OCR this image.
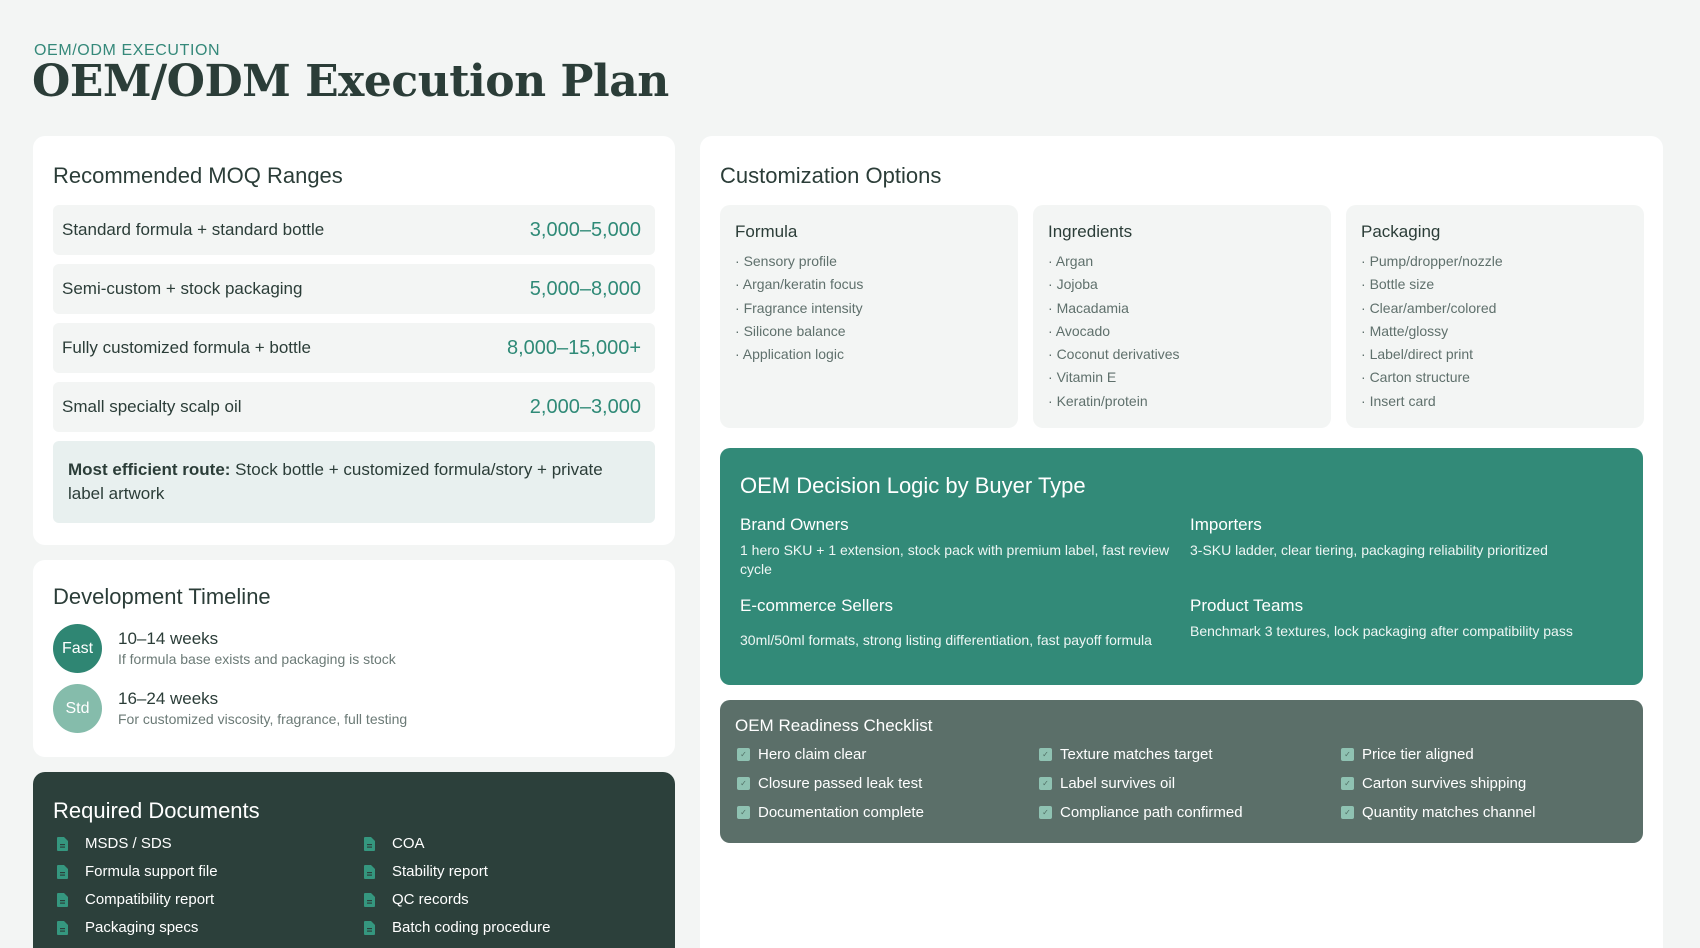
OEM/ODM EXECUTION
OEM/ODM Execution Plan
Recommended MOQ Ranges
Standard formula + standard bottle	3,000–5,000
Semi-custom + stock packaging	5,000–8,000
Fully customized formula + bottle	8,000–15,000+
Small specialty scalp oil	2,000–3,000
Most efficient route: Stock bottle + customized formula/story + private label artwork
Development Timeline
Fast
10–14 weeks
If formula base exists and packaging is stock
Std
16–24 weeks
For customized viscosity, fragrance, full testing
Required Documents
MSDS / SDS	COA
Formula support file	Stability report
Compatibility report	QC records
Packaging specs	Batch coding procedure
Customization Options
Formula
· Sensory profile
· Argan/keratin focus
· Fragrance intensity
· Silicone balance
· Application logic
Ingredients
· Argan
· Jojoba
· Macadamia
· Avocado
· Coconut derivatives
· Vitamin E
· Keratin/protein
Packaging
· Pump/dropper/nozzle
· Bottle size
· Clear/amber/colored
· Matte/glossy
· Label/direct print
· Carton structure
· Insert card
OEM Decision Logic by Buyer Type
Brand Owners

1 hero SKU + 1 extension, stock pack with premium label, fast review cycle

Importers

3-SKU ladder, clear tiering, packaging reliability prioritized

E-commerce Sellers

30ml/50ml formats, strong listing differentiation, fast payoff formula

Product Teams

Benchmark 3 textures, lock packaging after compatibility pass

OEM Readiness Checklist
✓ Hero claim clear	✓ Texture matches target	✓ Price tier aligned
✓ Closure passed leak test	✓ Label survives oil	✓ Carton survives shipping
✓ Documentation complete	✓ Compliance path confirmed	✓ Quantity matches channel
